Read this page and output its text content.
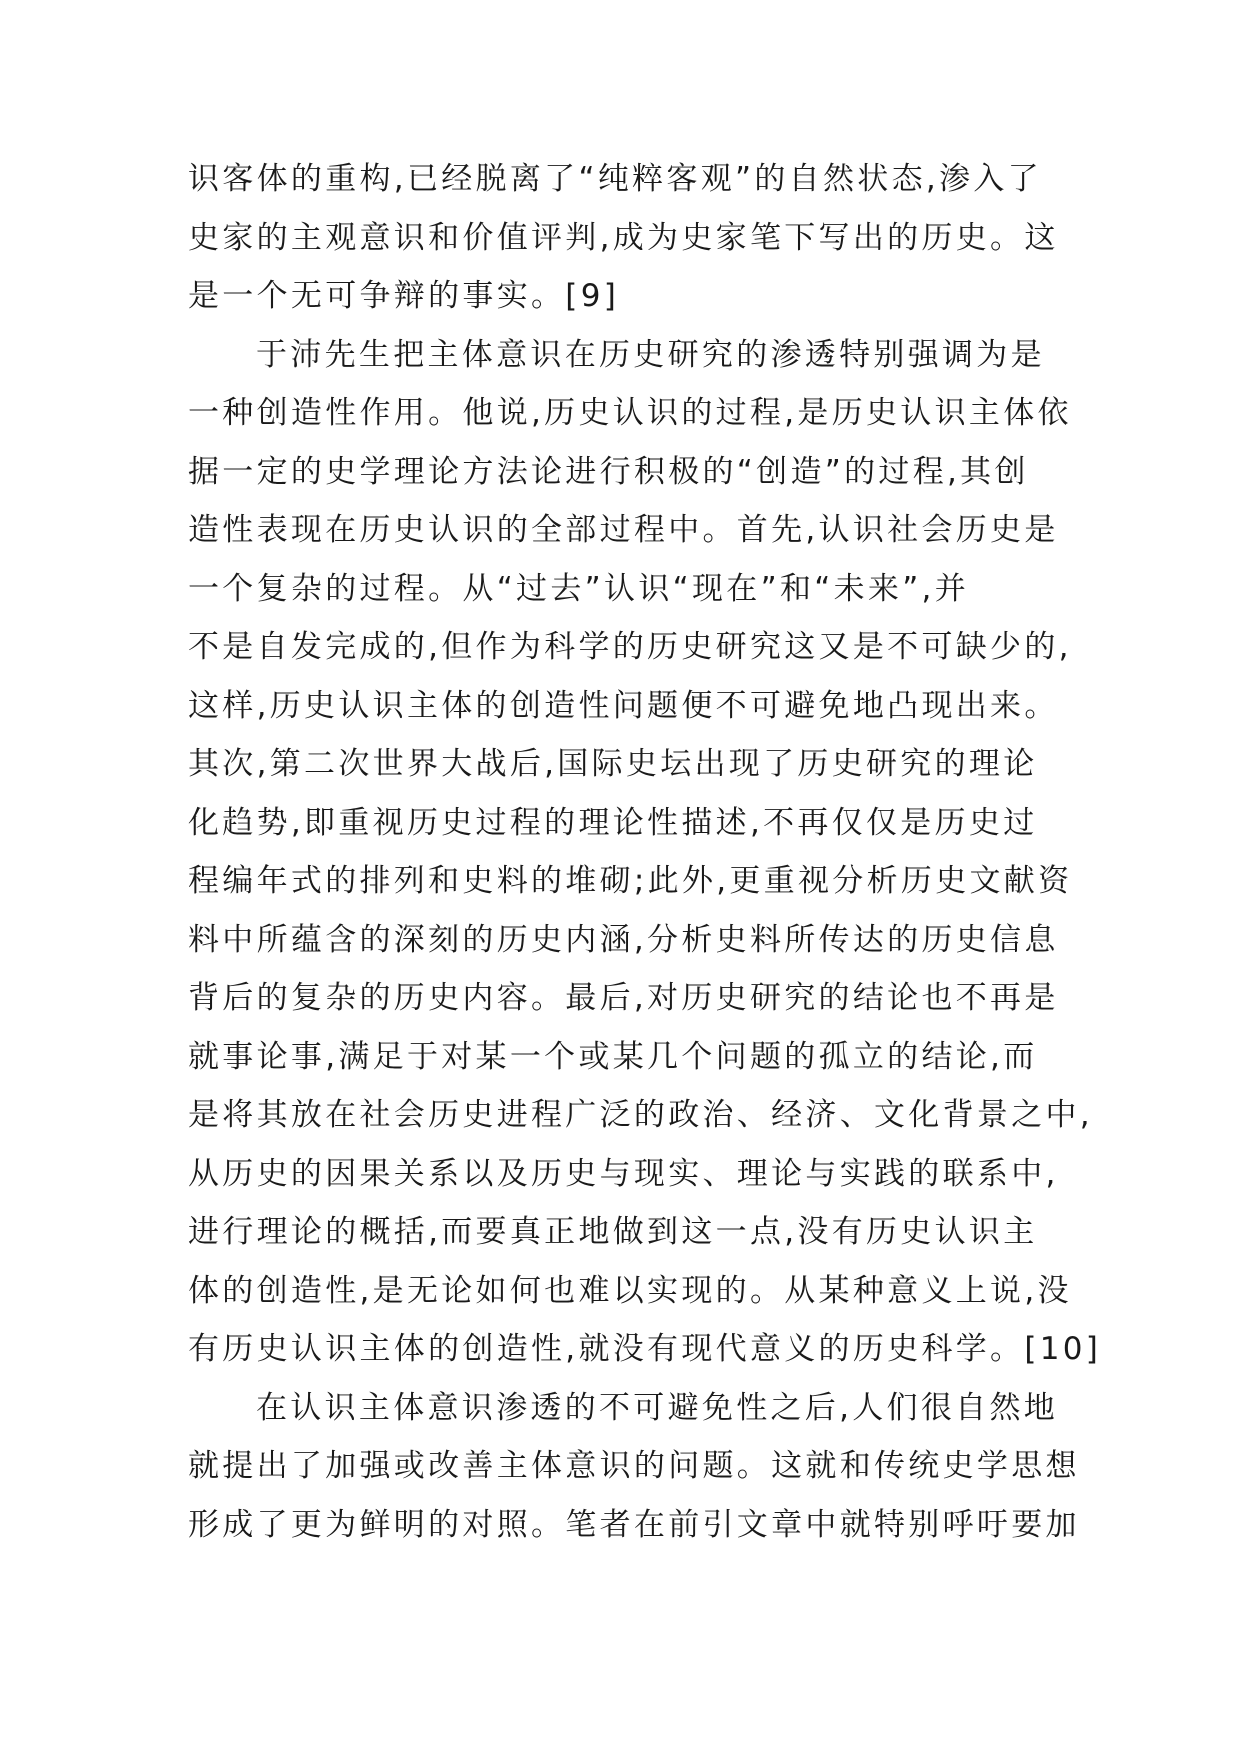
识客体的重构,已经脱离了“纯粹客观”的自然状态,渗入了
史家的主观意识和价值评判,成为史家笔下写出的历史。这
是一个无可争辩的事实。[9]
于沛先生把主体意识在历史研究的渗透特别强调为是
一种创造性作用。他说,历史认识的过程,是历史认识主体依
据一定的史学理论方法论进行积极的“创造”的过程,其创
造性表现在历史认识的全部过程中。首先,认识社会历史是
一个复杂的过程。从“过去”认识“现在”和“未来”,并
不是自发完成的,但作为科学的历史研究这又是不可缺少的,
这样,历史认识主体的创造性问题便不可避免地凸现出来。
其次,第二次世界大战后,国际史坛出现了历史研究的理论
化趋势,即重视历史过程的理论性描述,不再仅仅是历史过
程编年式的排列和史料的堆砌;此外,更重视分析历史文献资
料中所蕴含的深刻的历史内涵,分析史料所传达的历史信息
背后的复杂的历史内容。最后,对历史研究的结论也不再是
就事论事,满足于对某一个或某几个问题的孤立的结论,而
是将其放在社会历史进程广泛的政治、经济、文化背景之中,
从历史的因果关系以及历史与现实、理论与实践的联系中,
进行理论的概括,而要真正地做到这一点,没有历史认识主
体的创造性,是无论如何也难以实现的。从某种意义上说,没
有历史认识主体的创造性,就没有现代意义的历史科学。[10]
在认识主体意识渗透的不可避免性之后,人们很自然地
就提出了加强或改善主体意识的问题。这就和传统史学思想
形成了更为鲜明的对照。笔者在前引文章中就特别呼吁要加
